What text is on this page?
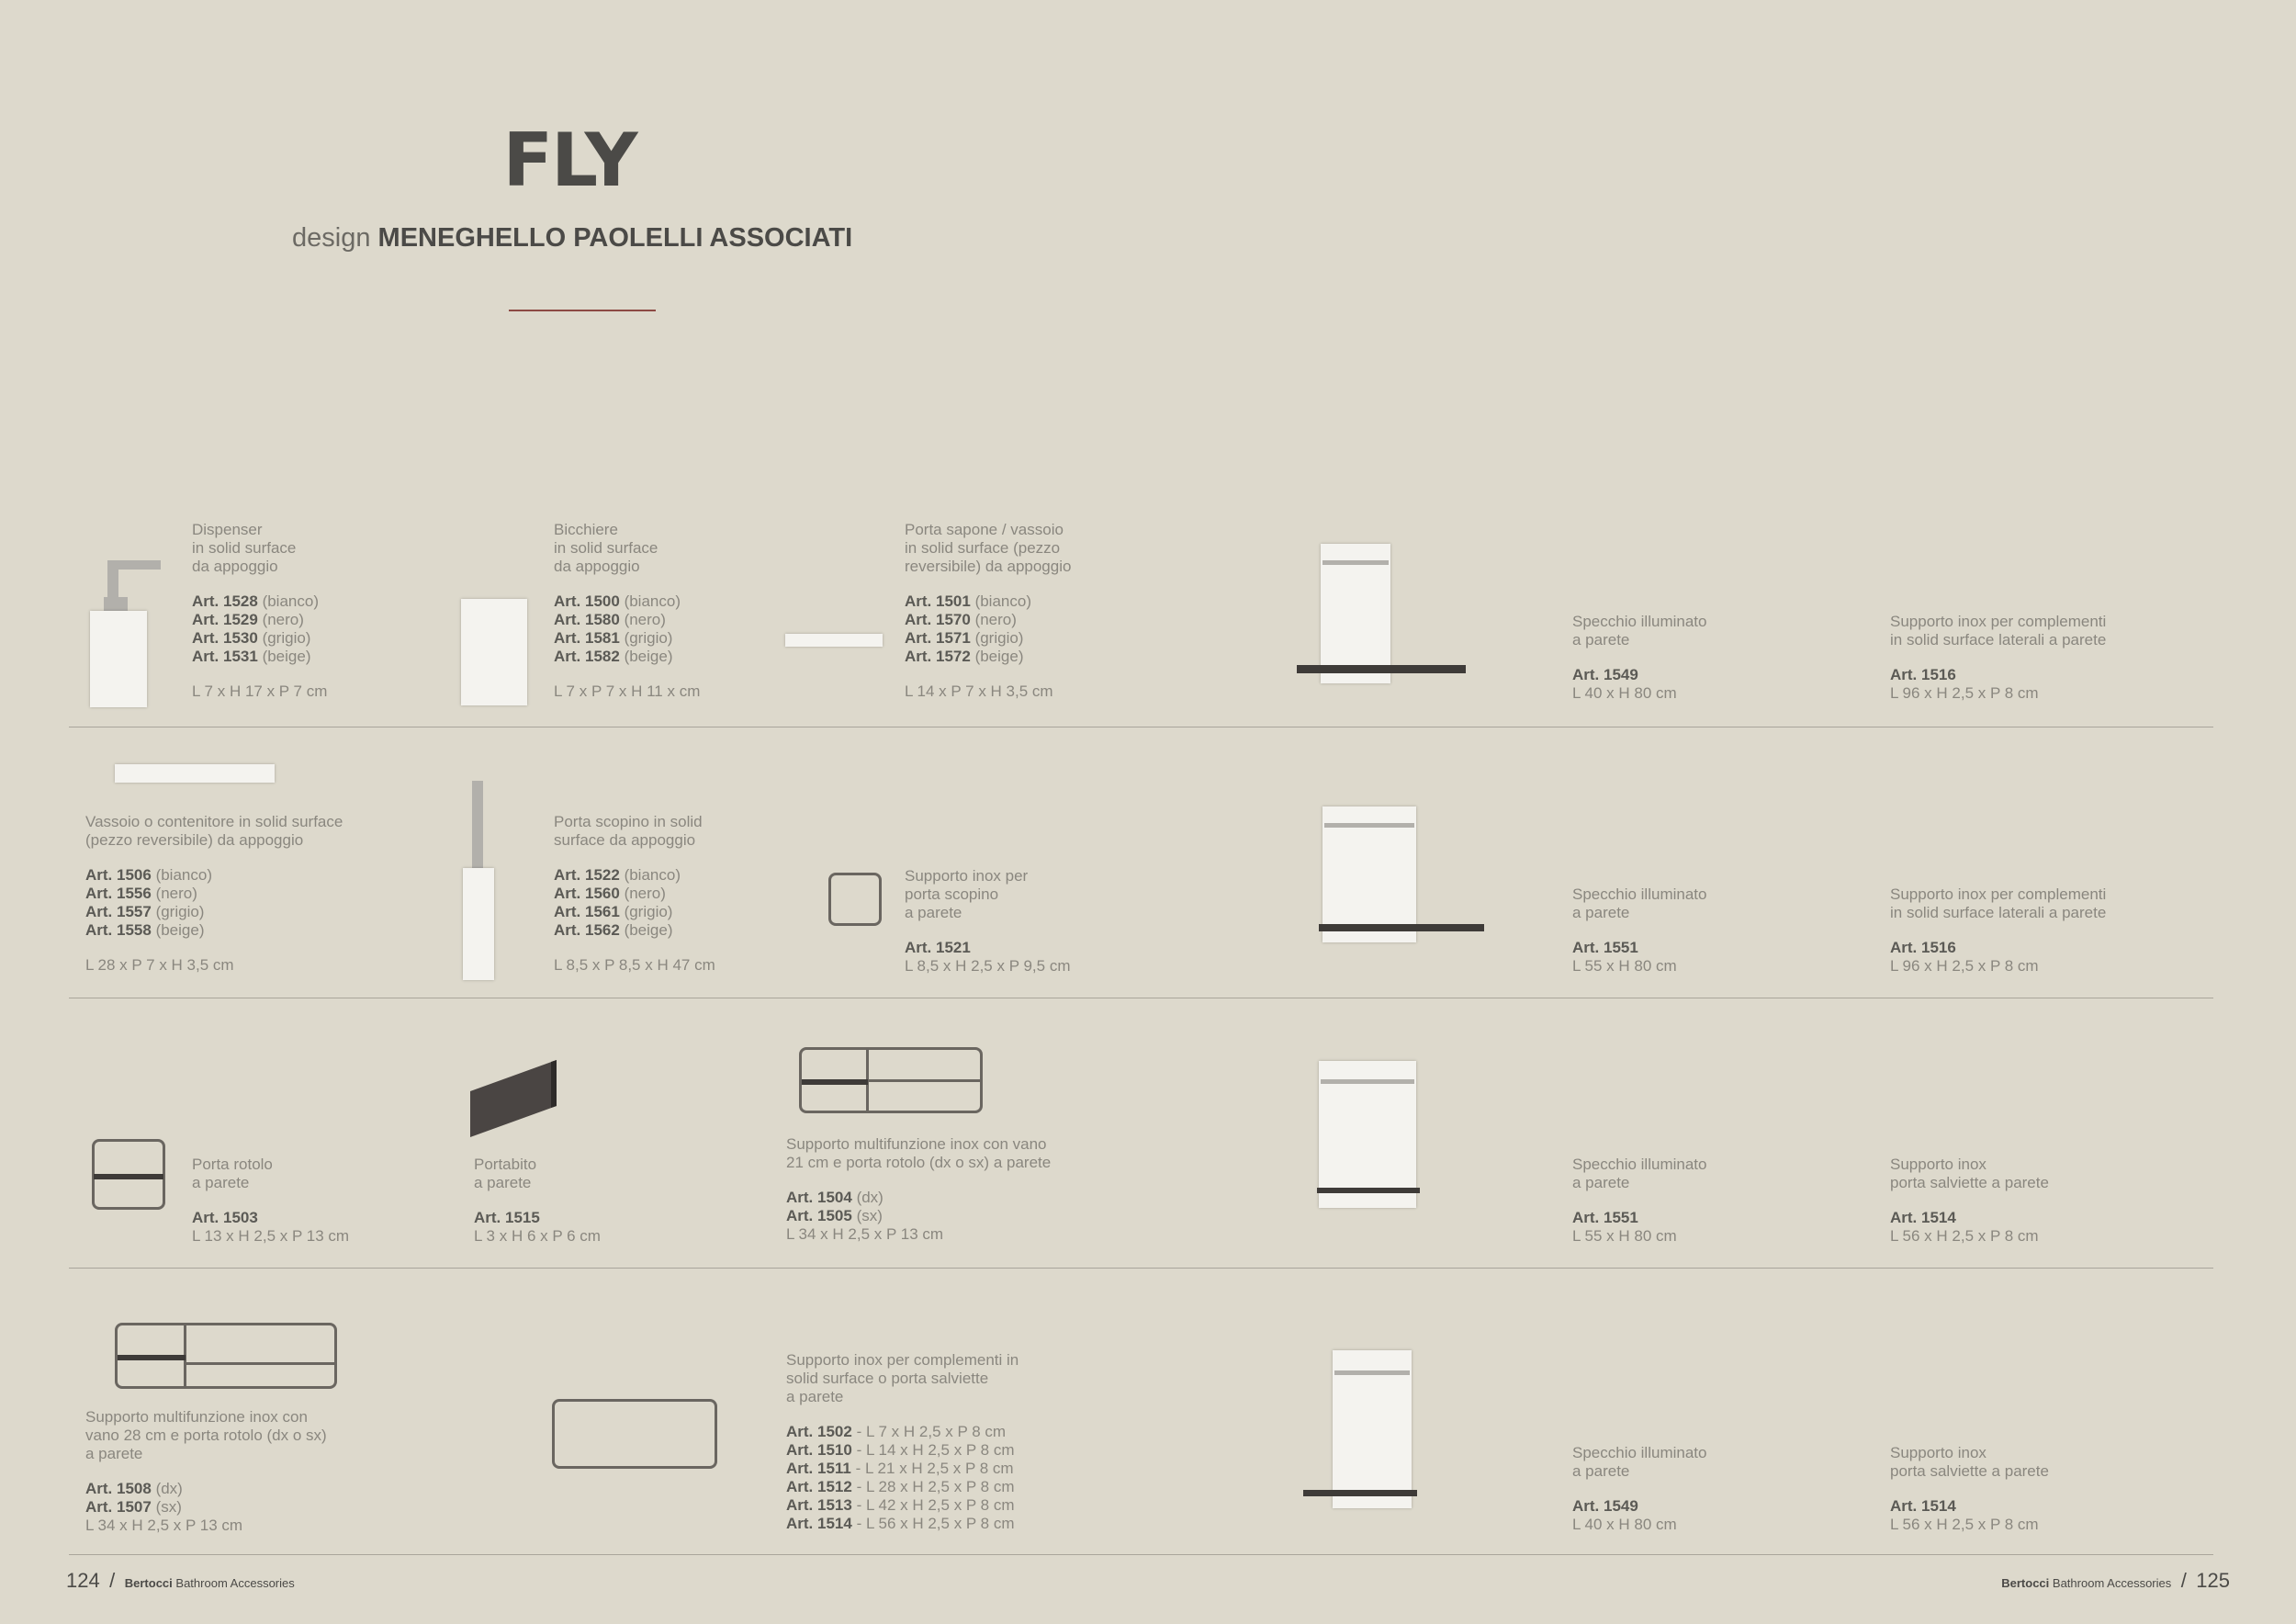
FLY
design MENEGHELLO PAOLELLI ASSOCIATI

Dispenser

in solid surface

da appoggio

Art. 1528 (bianco)

Art. 1529 (nero)

Art. 1530 (grigio)

Art. 1531 (beige)

L 7 x H 17 x P 7 cm

Bicchiere

in solid surface

da appoggio

Art. 1500 (bianco)

Art. 1580 (nero)

Art. 1581 (grigio)

Art. 1582 (beige)

L 7 x P 7 x H 11 x cm

Porta sapone / vassoio

in solid surface (pezzo

reversibile) da appoggio

Art. 1501 (bianco)

Art. 1570 (nero)

Art. 1571 (grigio)

Art. 1572 (beige)

L 14 x P 7 x H 3,5 cm

Specchio illuminato

a parete

Art. 1549

L 40 x H 80 cm

Supporto inox per complementi

in solid surface laterali a parete

Art. 1516

L 96 x H 2,5 x P 8 cm

Vassoio o contenitore in solid surface

(pezzo reversibile) da appoggio

Art. 1506 (bianco)

Art. 1556 (nero)

Art. 1557 (grigio)

Art. 1558 (beige)

L 28 x P 7 x H 3,5 cm

Porta scopino in solid

surface da appoggio

Art. 1522 (bianco)

Art. 1560 (nero)

Art. 1561 (grigio)

Art. 1562 (beige)

L 8,5 x P 8,5 x H 47 cm

Supporto inox per

porta scopino

a parete

Art. 1521

L 8,5 x H 2,5 x P 9,5 cm

Specchio illuminato

a parete

Art. 1551

L 55 x H 80 cm

Supporto inox per complementi

in solid surface laterali a parete

Art. 1516

L 96 x H 2,5 x P 8 cm

Porta rotolo

a parete

Art. 1503

L 13 x H 2,5 x P 13 cm

Portabito

a parete

Art. 1515

L 3 x H 6 x P 6 cm

Supporto multifunzione inox con vano

21 cm e porta rotolo (dx o sx) a parete

Art. 1504 (dx)

Art. 1505 (sx)

L 34 x H 2,5 x P 13 cm

Specchio illuminato

a parete

Art. 1551

L 55 x H 80 cm

Supporto inox

porta salviette a parete

Art. 1514

L 56 x H 2,5 x P 8 cm

Supporto multifunzione inox con

vano 28 cm e porta rotolo (dx o sx)

a parete

Art. 1508 (dx)

Art. 1507 (sx)

L 34 x H 2,5 x P 13 cm

Supporto inox per complementi in

solid surface o porta salviette

a parete

Art. 1502 - L 7 x H 2,5 x P 8 cm

Art. 1510 - L 14 x H 2,5 x P 8 cm

Art. 1511 - L 21 x H 2,5 x P 8 cm

Art. 1512 - L 28 x H 2,5 x P 8 cm

Art. 1513 - L 42 x H 2,5 x P 8 cm

Art. 1514 - L 56 x H 2,5 x P 8 cm

Specchio illuminato

a parete

Art. 1549

L 40 x H 80 cm

Supporto inox

porta salviette a parete

Art. 1514

L 56 x H 2,5 x P 8 cm

124 / Bertocci Bathroom Accessories	Bertocci Bathroom Accessories / 125
